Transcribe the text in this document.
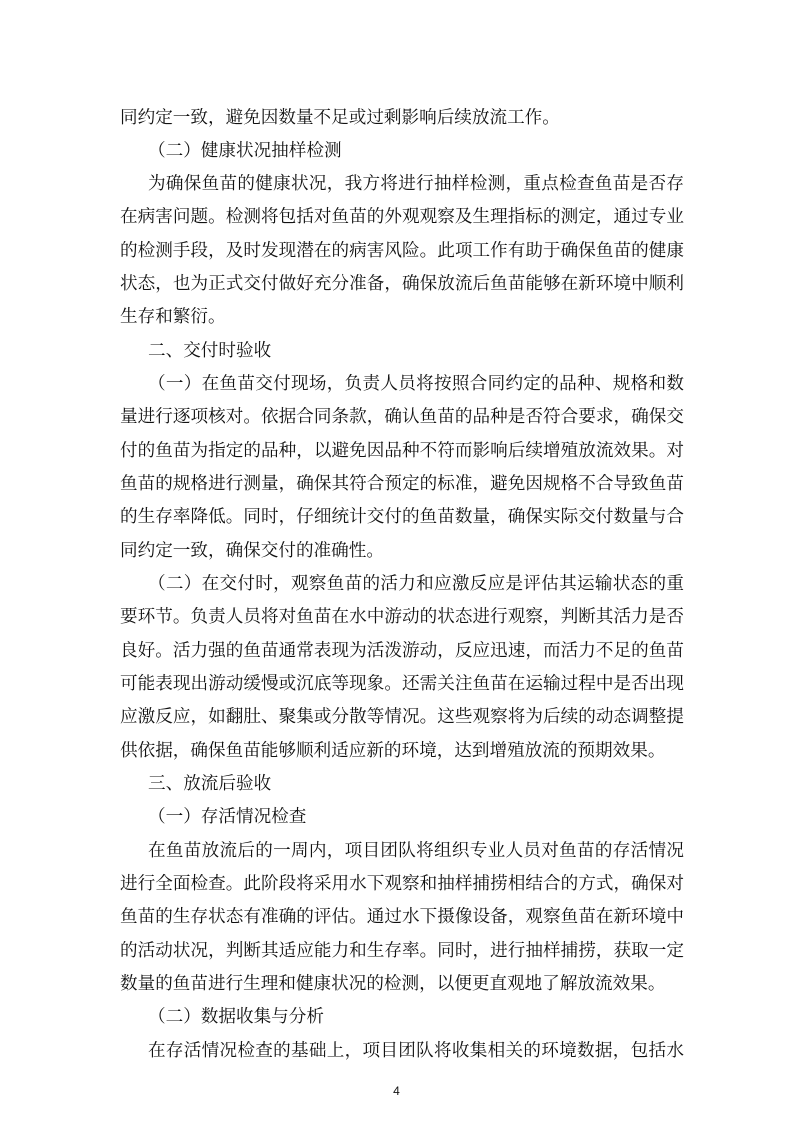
同约定一致，避免因数量不足或过剩影响后续放流工作。
（二）健康状况抽样检测
为确保鱼苗的健康状况，我方将进行抽样检测，重点检查鱼苗是否存
在病害问题。检测将包括对鱼苗的外观观察及生理指标的测定，通过专业
的检测手段，及时发现潜在的病害风险。此项工作有助于确保鱼苗的健康
状态，也为正式交付做好充分准备，确保放流后鱼苗能够在新环境中顺利
生存和繁衍。
二、交付时验收
（一）在鱼苗交付现场，负责人员将按照合同约定的品种、规格和数
量进行逐项核对。依据合同条款，确认鱼苗的品种是否符合要求，确保交
付的鱼苗为指定的品种，以避免因品种不符而影响后续增殖放流效果。对
鱼苗的规格进行测量，确保其符合预定的标准，避免因规格不合导致鱼苗
的生存率降低。同时，仔细统计交付的鱼苗数量，确保实际交付数量与合
同约定一致，确保交付的准确性。
（二）在交付时，观察鱼苗的活力和应激反应是评估其运输状态的重
要环节。负责人员将对鱼苗在水中游动的状态进行观察，判断其活力是否
良好。活力强的鱼苗通常表现为活泼游动，反应迅速，而活力不足的鱼苗
可能表现出游动缓慢或沉底等现象。还需关注鱼苗在运输过程中是否出现
应激反应，如翻肚、聚集或分散等情况。这些观察将为后续的动态调整提
供依据，确保鱼苗能够顺利适应新的环境，达到增殖放流的预期效果。
三、放流后验收
（一）存活情况检查
在鱼苗放流后的一周内，项目团队将组织专业人员对鱼苗的存活情况
进行全面检查。此阶段将采用水下观察和抽样捕捞相结合的方式，确保对
鱼苗的生存状态有准确的评估。通过水下摄像设备，观察鱼苗在新环境中
的活动状况，判断其适应能力和生存率。同时，进行抽样捕捞，获取一定
数量的鱼苗进行生理和健康状况的检测，以便更直观地了解放流效果。
（二）数据收集与分析
在存活情况检查的基础上，项目团队将收集相关的环境数据，包括水
4
